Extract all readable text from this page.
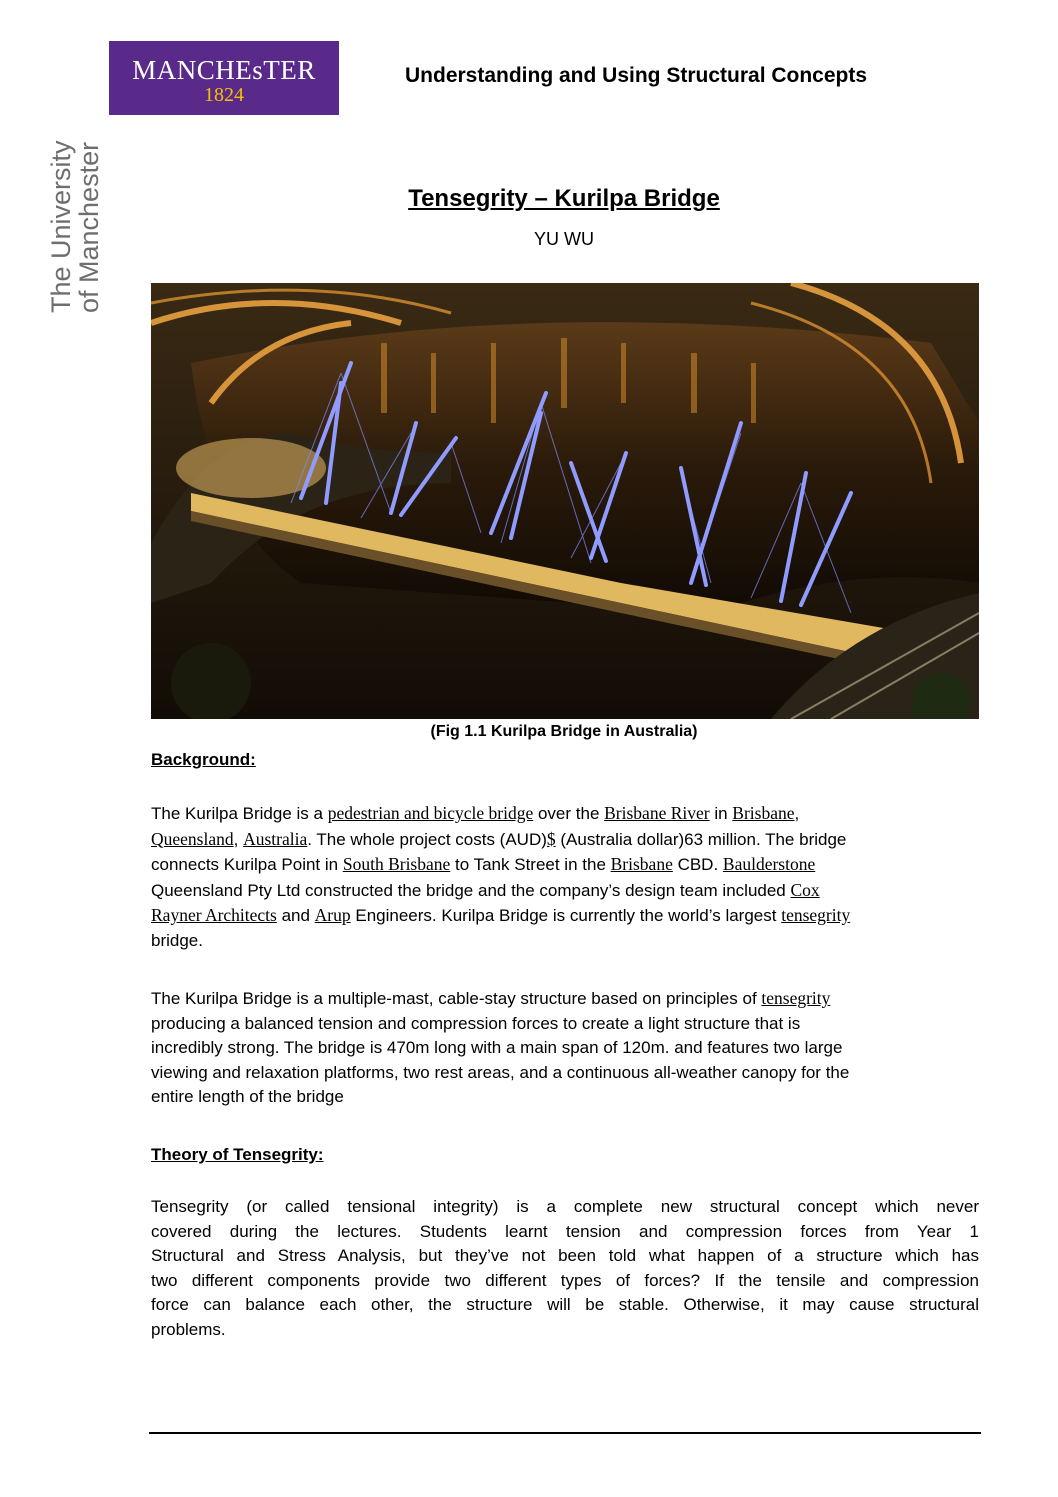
MANCHEsTER
1824
The University
of Manchester
Understanding and Using Structural Concepts
Tensegrity – Kurilpa Bridge
YU WU
(Fig 1.1 Kurilpa Bridge in Australia)
Background:
The Kurilpa Bridge is a pedestrian and bicycle bridge over the Brisbane River in Brisbane,
Queensland, Australia. The whole project costs (AUD)$ (Australia dollar)63 million. The bridge
connects Kurilpa Point in South Brisbane to Tank Street in the Brisbane CBD. Baulderstone
Queensland Pty Ltd constructed the bridge and the company’s design team included Cox
Rayner Architects and Arup Engineers. Kurilpa Bridge is currently the world’s largest tensegrity
bridge.
The Kurilpa Bridge is a multiple-mast, cable-stay structure based on principles of tensegrity
producing a balanced tension and compression forces to create a light structure that is
incredibly strong. The bridge is 470m long with a main span of 120m. and features two large
viewing and relaxation platforms, two rest areas, and a continuous all-weather canopy for the
entire length of the bridge
Theory of Tensegrity:
Tensegrity (or called tensional integrity) is a complete new structural concept which never
covered during the lectures. Students learnt tension and compression forces from Year 1
Structural and Stress Analysis, but they’ve not been told what happen of a structure which has
two different components provide two different types of forces? If the tensile and compression
force can balance each other, the structure will be stable. Otherwise, it may cause structural
problems.
